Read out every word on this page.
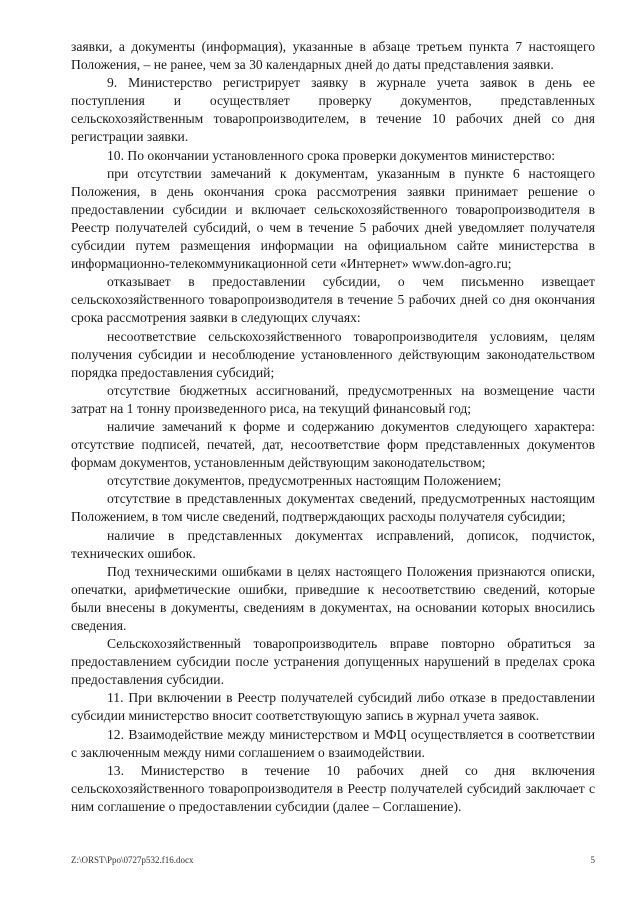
заявки, а документы (информация), указанные в абзаце третьем пункта 7 настоящего Положения, – не ранее, чем за 30 календарных дней до даты представления заявки.

9. Министерство регистрирует заявку в журнале учета заявок в день ее поступления и осуществляет проверку документов, представленных сельскохозяйственным товаропроизводителем, в течение 10 рабочих дней со дня регистрации заявки.

10. По окончании установленного срока проверки документов министерство:

при отсутствии замечаний к документам, указанным в пункте 6 настоящего Положения, в день окончания срока рассмотрения заявки принимает решение о предоставлении субсидии и включает сельскохозяйственного товаропроизводителя в Реестр получателей субсидий, о чем в течение 5 рабочих дней уведомляет получателя субсидии путем размещения информации на официальном сайте министерства в информационно-телекоммуникационной сети «Интернет» www.don-agro.ru;

отказывает в предоставлении субсидии, о чем письменно извещает сельскохозяйственного товаропроизводителя в течение 5 рабочих дней со дня окончания срока рассмотрения заявки в следующих случаях:

несоответствие сельскохозяйственного товаропроизводителя условиям, целям получения субсидии и несоблюдение установленного действующим законодательством порядка предоставления субсидий;

отсутствие бюджетных ассигнований, предусмотренных на возмещение части затрат на 1 тонну произведенного риса, на текущий финансовый год;

наличие замечаний к форме и содержанию документов следующего характера: отсутствие подписей, печатей, дат, несоответствие форм представленных документов формам документов, установленным действующим законодательством;

отсутствие документов, предусмотренных настоящим Положением;

отсутствие в представленных документах сведений, предусмотренных настоящим Положением, в том числе сведений, подтверждающих расходы получателя субсидии;

наличие в представленных документах исправлений, дописок, подчисток, технических ошибок.

Под техническими ошибками в целях настоящего Положения признаются описки, опечатки, арифметические ошибки, приведшие к несоответствию сведений, которые были внесены в документы, сведениям в документах, на основании которых вносились сведения.

Сельскохозяйственный товаропроизводитель вправе повторно обратиться за предоставлением субсидии после устранения допущенных нарушений в пределах срока предоставления субсидии.

11. При включении в Реестр получателей субсидий либо отказе в предоставлении субсидии министерство вносит соответствующую запись в журнал учета заявок.

12. Взаимодействие между министерством и МФЦ осуществляется в соответствии с заключенным между ними соглашением о взаимодействии.

13. Министерство в течение 10 рабочих дней со дня включения сельскохозяйственного товаропроизводителя в Реестр получателей субсидий заключает с ним соглашение о предоставлении субсидии (далее – Соглашение).

Z:\ORST\Ppo\0727p532.f16.docx	5
